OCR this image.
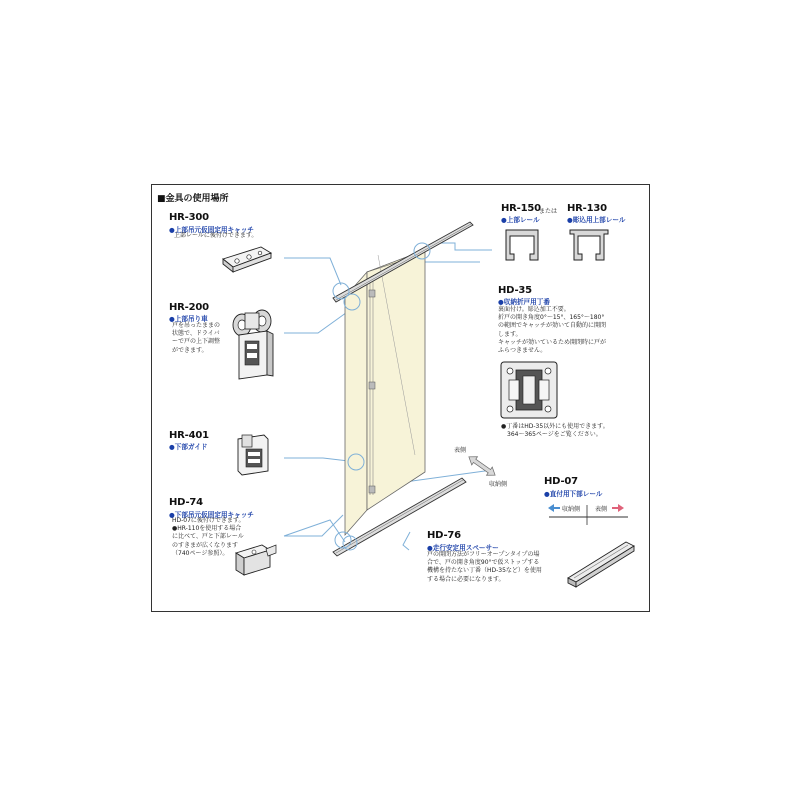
■金具の使用場所
HR-300
●上部吊元仮固定用キャッチ
上部レールに後付けできます。
HR-200
●上部吊り車
戸を吊ったままの
状態で、ドライバ
ーで戸の上下調整
ができます。
HR-401
●下部ガイド
HD-74
●下部吊元仮固定用キャッチ
HD-07に後付けできます。
●HR-110を使用する場合
に比べて、戸と下部レール
のすきまが広くなります
（740ページ参照）。
HR-150
または
●上部レール
HR-130
●彫込用上部レール
HD-35
●収納折戸用丁番
裏面付け。彫込加工不要。
折戸の開き角度0°～15°、165°～180°
の範囲でキャッチが効いて自動的に開閉
します。
キャッチが効いているため開閉時に戸が
ふらつきません。
●丁番はHD-35以外にも使用できます。
　364～365ページをご覧ください。
表側
収納側	HD-07
●直付用下部レール
収納側 表側
HD-76
●走行安定用スペーサー
戸の開閉方法がフリーオープンタイプの場
合で、戸の開き角度90°で仮ストップする
機構を持たない丁番（HD-35など）を使用
する場合に必要になります。
